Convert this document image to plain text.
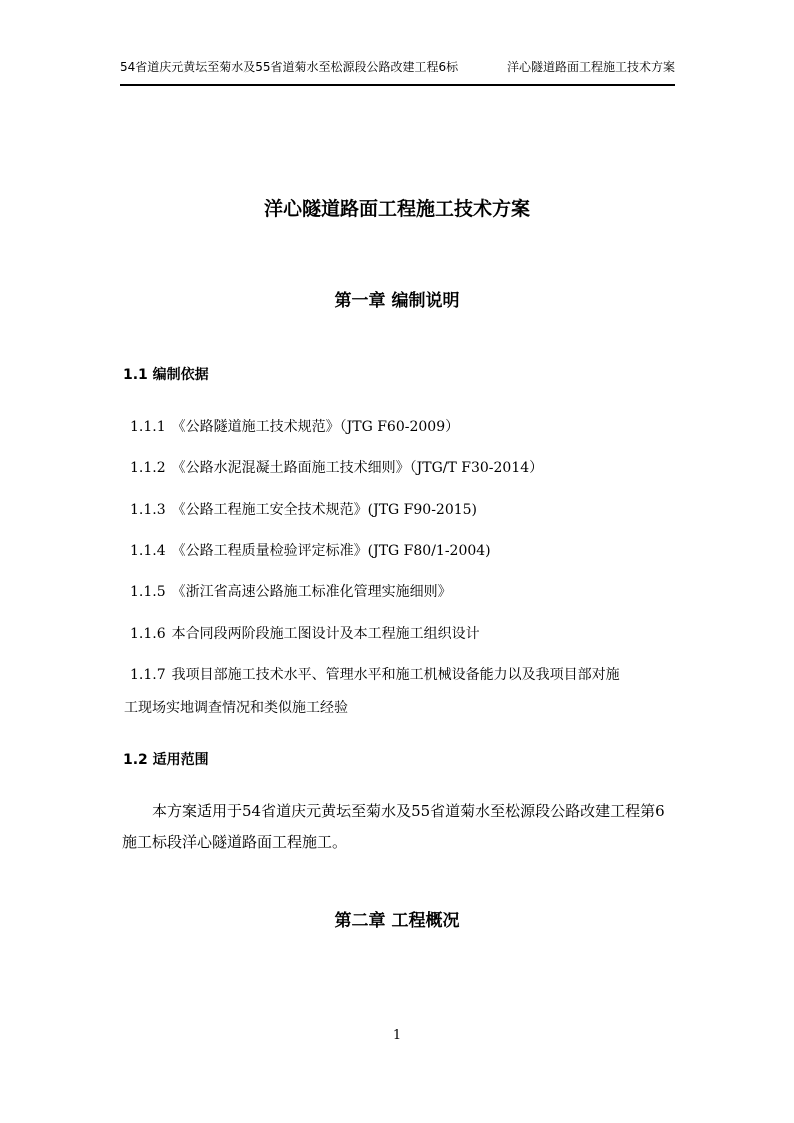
54省道庆元黄坛至菊水及55省道菊水至松源段公路改建工程6标	洋心隧道路面工程施工技术方案
洋心隧道路面工程施工技术方案
第一章 编制说明
1.1 编制依据
1.1.1 《公路隧道施工技术规范》（JTG F60-2009）
1.1.2 《公路水泥混凝土路面施工技术细则》（JTG/T F30-2014）
1.1.3 《公路工程施工安全技术规范》(JTG F90-2015)
1.1.4 《公路工程质量检验评定标准》(JTG F80/1-2004)
1.1.5 《浙江省高速公路施工标准化管理实施细则》
1.1.6 本合同段两阶段施工图设计及本工程施工组织设计
1.1.7 我项目部施工技术水平、管理水平和施工机械设备能力以及我项目部对施
工现场实地调查情况和类似施工经验
1.2 适用范围
本方案适用于54省道庆元黄坛至菊水及55省道菊水至松源段公路改建工程第6施工标段洋心隧道路面工程施工。
第二章 工程概况
1
